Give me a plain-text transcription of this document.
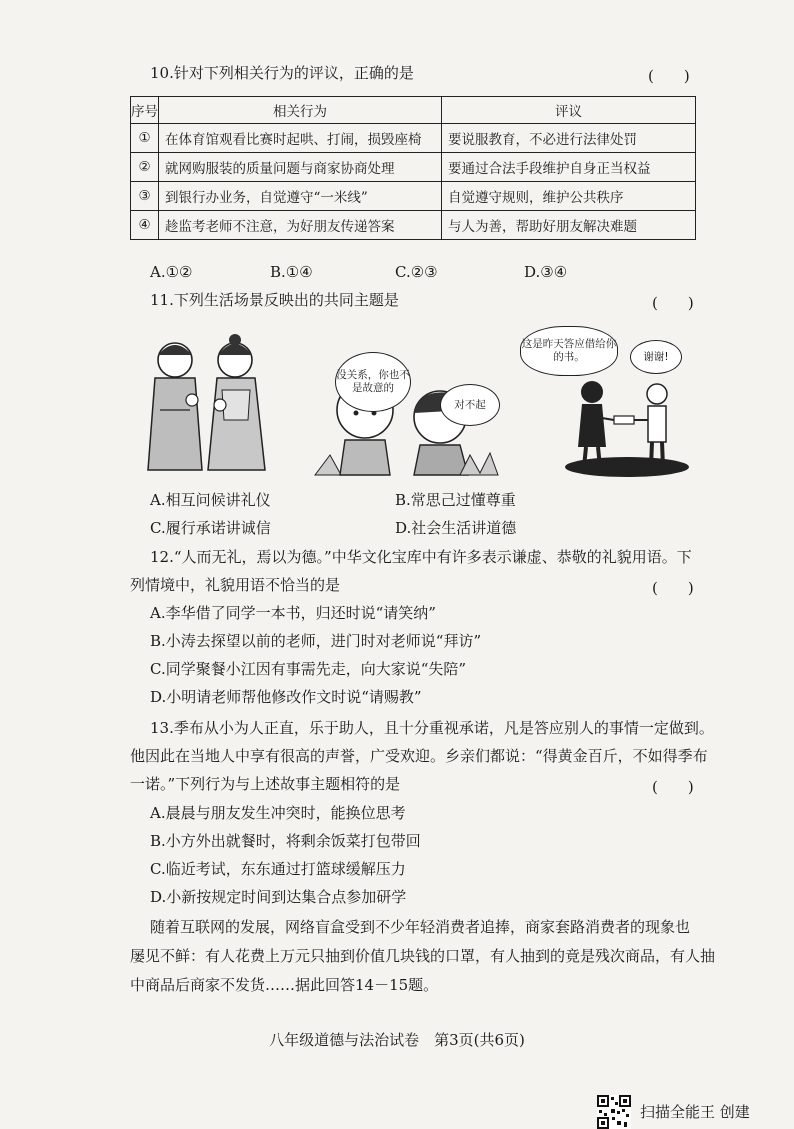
10.针对下列相关行为的评议，正确的是	(　　)
序号	相关行为	评议
①	在体育馆观看比赛时起哄、打闹，损毁座椅	要说服教育，不必进行法律处罚
②	就网购服装的质量问题与商家协商处理	要通过合法手段维护自身正当权益
③	到银行办业务，自觉遵守“一米线”	自觉遵守规则，维护公共秩序
④	趁监考老师不注意，为好朋友传递答案	与人为善，帮助好朋友解决难题
A.①②	B.①④	C.②③	D.③④
11.下列生活场景反映出的共同主题是	(　　)
没关系，你也不是故意的
对不起
这是昨天答应借给你的书。	谢谢!
A.相互问候讲礼仪	B.常思己过懂尊重
C.履行承诺讲诚信	D.社会生活讲道德
12.“人而无礼，焉以为德。”中华文化宝库中有许多表示谦虚、恭敬的礼貌用语。下
列情境中，礼貌用语不恰当的是	(　　)
A.李华借了同学一本书，归还时说“请笑纳”
B.小涛去探望以前的老师，进门时对老师说“拜访”
C.同学聚餐小江因有事需先走，向大家说“失陪”
D.小明请老师帮他修改作文时说“请赐教”
13.季布从小为人正直，乐于助人，且十分重视承诺，凡是答应别人的事情一定做到。
他因此在当地人中享有很高的声誉，广受欢迎。乡亲们都说：“得黄金百斤，不如得季布
一诺。”下列行为与上述故事主题相符的是	(　　)
A.晨晨与朋友发生冲突时，能换位思考
B.小方外出就餐时，将剩余饭菜打包带回
C.临近考试，东东通过打篮球缓解压力
D.小新按规定时间到达集合点参加研学
随着互联网的发展，网络盲盒受到不少年轻消费者追捧，商家套路消费者的现象也
屡见不鲜：有人花费上万元只抽到价值几块钱的口罩，有人抽到的竟是残次商品，有人抽
中商品后商家不发货……据此回答14－15题。
八年级道德与法治试卷　第3页(共6页)
扫描全能王 创建
